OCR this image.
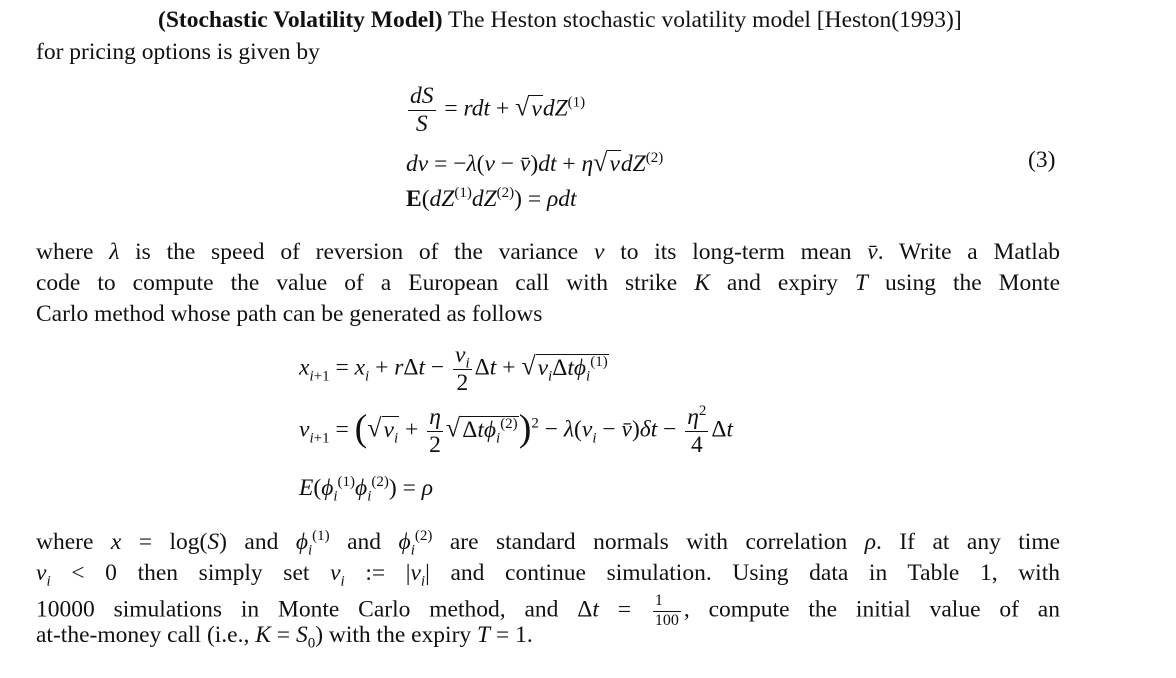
(Stochastic Volatility Model) The Heston stochastic volatility model [Heston(1993)]
for pricing options is given by
$\frac{dS}{S}$ = rdt + √vdZ$^{(1)}$
dv = −λ(v − v̄)dt + η√vdZ$^{(2)}$
$E(dZ^{(1)}dZ^{(2)}) = \rho dt$
(3)
where λ is the speed of reversion of the variance v to its long-term mean v̄. Write a Matlab
code to compute the value of a European call with strike K and expiry T using the Monte
Carlo method whose path can be generated as follows
$x_{i+1} = x_i + r\Delta t - \frac{v_i}{2}$ $\Delta t + √v_i\Delta t\phi_i^{(1)}$
$v_{i+1} = (√v_i + \frac{\eta}{2} √\Delta t\phi_i^{(2)})^2 - \lambda(v_i$ − v̄)δt − $\frac{\eta^2}{4}$ Δt
$E(\phi_i^{(1)}\phi_i^{(2)}) = \rho$
where x = log(S) and $\phi_i^{(1)}$ and $\phi_i^{(2)}$ are standard normals with correlation ρ. If at any time
$v_i < 0$ then simply set $v_i$ := $|v_i|$ and continue simulation. Using data in Table 1, with
10000 simulations in Monte Carlo method, and $\Delta t = \frac{1}{100}$ , compute the initial value of an
at-the-money call (i.e., $K = S_0$) with the expiry T = 1.
